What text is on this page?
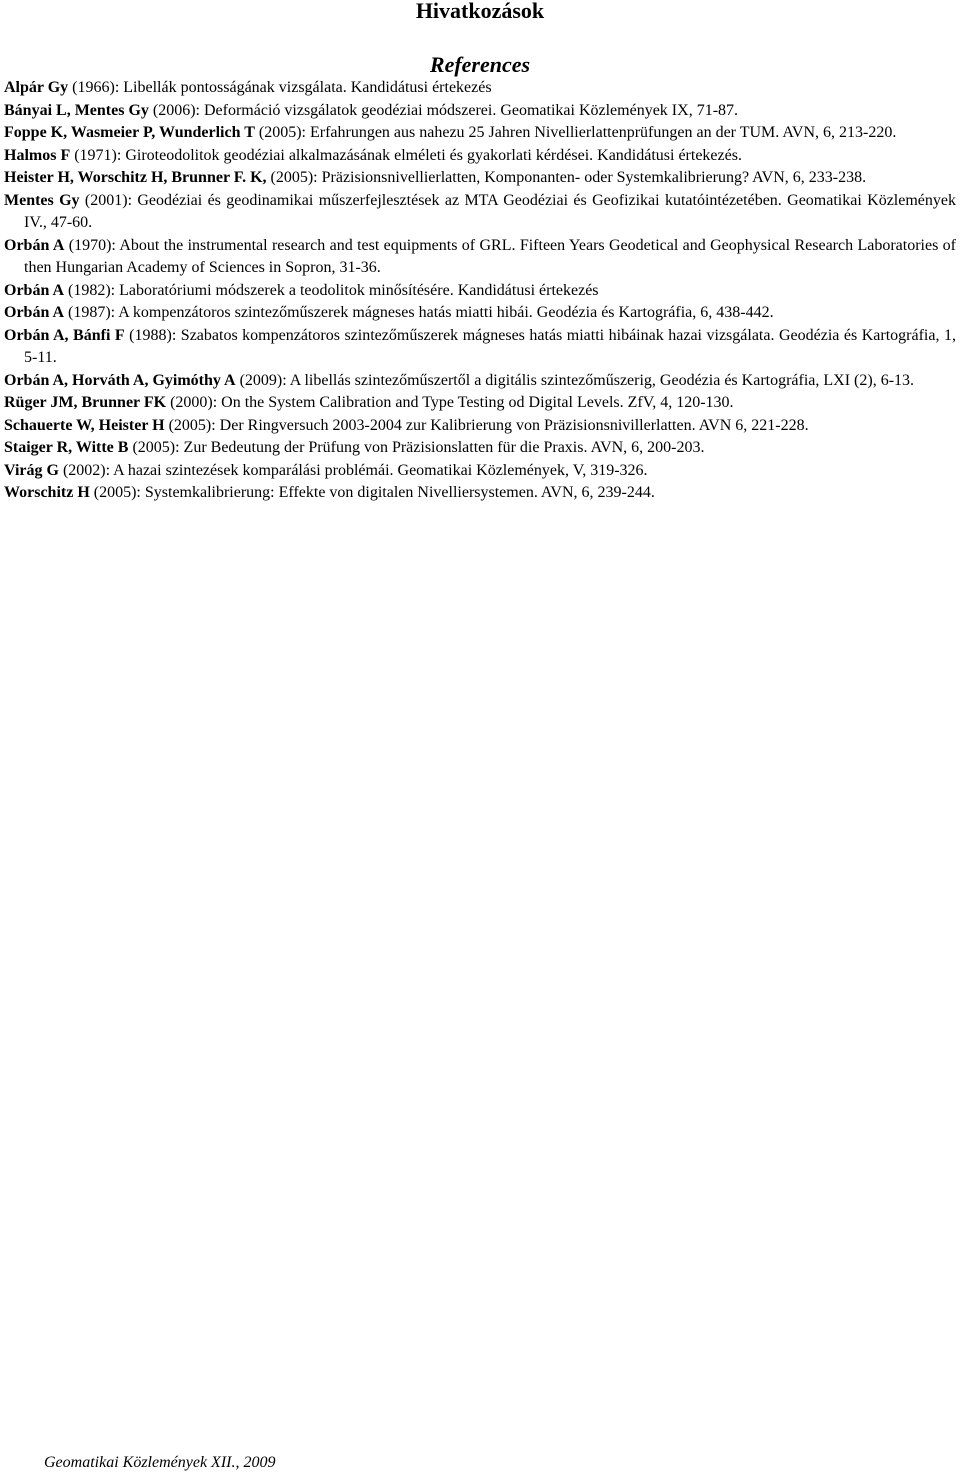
Hivatkozások
References
Alpár Gy (1966): Libellák pontosságának vizsgálata. Kandidátusi értekezés
Bányai L, Mentes Gy (2006): Deformáció vizsgálatok geodéziai módszerei. Geomatikai Közlemények IX, 71-87.
Foppe K, Wasmeier P, Wunderlich T (2005): Erfahrungen aus nahezu 25 Jahren Nivellierlattenprüfungen an der TUM. AVN, 6, 213-220.
Halmos F (1971): Giroteodolitok geodéziai alkalmazásának elméleti és gyakorlati kérdései. Kandidátusi értekezés.
Heister H, Worschitz H, Brunner F. K, (2005): Präzisionsnivellierlatten, Komponanten- oder Systemkalibrierung? AVN, 6, 233-238.
Mentes Gy (2001): Geodéziai és geodinamikai műszerfejlesztések az MTA Geodéziai és Geofizikai kutatóintézetében. Geomatikai Közlemények IV., 47-60.
Orbán A (1970): About the instrumental research and test equipments of GRL. Fifteen Years Geodetical and Geophysical Research Laboratories of then Hungarian Academy of Sciences in Sopron, 31-36.
Orbán A (1982): Laboratóriumi módszerek a teodolitok minősítésére. Kandidátusi értekezés
Orbán A (1987): A kompenzátoros szintezőműszerek mágneses hatás miatti hibái. Geodézia és Kartográfia, 6, 438-442.
Orbán A, Bánfi F (1988): Szabatos kompenzátoros szintezőműszerek mágneses hatás miatti hibáinak hazai vizsgálata. Geodézia és Kartográfia, 1, 5-11.
Orbán A, Horváth A, Gyimóthy A (2009): A libellás szintezőműszertől a digitális szintezőműszerig, Geodézia és Kartográfia, LXI (2), 6-13.
Rüger JM, Brunner FK (2000): On the System Calibration and Type Testing od Digital Levels. ZfV, 4, 120-130.
Schauerte W, Heister H (2005): Der Ringversuch 2003-2004 zur Kalibrierung von Präzisionsnivillerlatten. AVN 6, 221-228.
Staiger R, Witte B (2005): Zur Bedeutung der Prüfung von Präzisionslatten für die Praxis. AVN, 6, 200-203.
Virág G (2002): A hazai szintezések komparálási problémái. Geomatikai Közlemények, V, 319-326.
Worschitz H (2005): Systemkalibrierung: Effekte von digitalen Nivelliersystemen. AVN, 6, 239-244.
Geomatikai Közlemények XII., 2009
